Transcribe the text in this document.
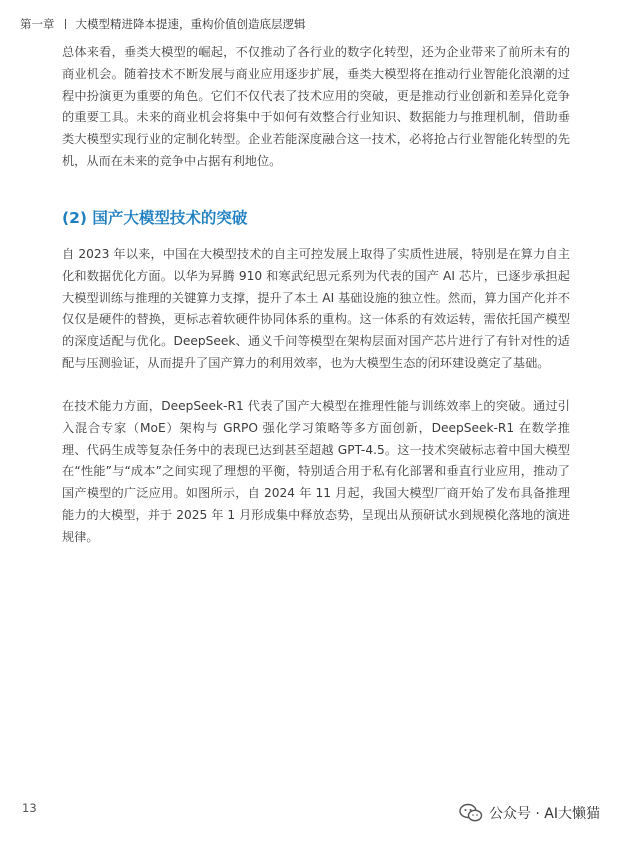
第一章 大模型精进降本提速，重构价值创造底层逻辑

总体来看，垂类大模型的崛起，不仅推动了各行业的数字化转型，还为企业带来了前所未有的商业机会。随着技术不断发展与商业应用逐步扩展，垂类大模型将在推动行业智能化浪潮的过程中扮演更为重要的角色。它们不仅代表了技术应用的突破，更是推动行业创新和差异化竞争的重要工具。未来的商业机会将集中于如何有效整合行业知识、数据能力与推理机制，借助垂类大模型实现行业的定制化转型。企业若能深度融合这一技术，必将抢占行业智能化转型的先机，从而在未来的竞争中占据有利地位。

(2) 国产大模型技术的突破

自 2023 年以来，中国在大模型技术的自主可控发展上取得了实质性进展，特别是在算力自主化和数据优化方面。以华为昇腾 910 和寒武纪思元系列为代表的国产 AI 芯片，已逐步承担起大模型训练与推理的关键算力支撑，提升了本土 AI 基础设施的独立性。然而，算力国产化并不仅仅是硬件的替换，更标志着软硬件协同体系的重构。这一体系的有效运转，需依托国产模型的深度适配与优化。DeepSeek、通义千问等模型在架构层面对国产芯片进行了有针对性的适配与压测验证，从而提升了国产算力的利用效率，也为大模型生态的闭环建设奠定了基础。

在技术能力方面，DeepSeek-R1 代表了国产大模型在推理性能与训练效率上的突破。通过引入混合专家（MoE）架构与 GRPO 强化学习策略等多方面创新，DeepSeek-R1 在数学推理、代码生成等复杂任务中的表现已达到甚至超越 GPT-4.5。这一技术突破标志着中国大模型在“性能”与“成本”之间实现了理想的平衡，特别适合用于私有化部署和垂直行业应用，推动了国产模型的广泛应用。如图所示，自 2024 年 11 月起，我国大模型厂商开始了发布具备推理能力的大模型，并于 2025 年 1 月形成集中释放态势，呈现出从预研试水到规模化落地的演进规律。

13	公众号 · AI大懒猫
